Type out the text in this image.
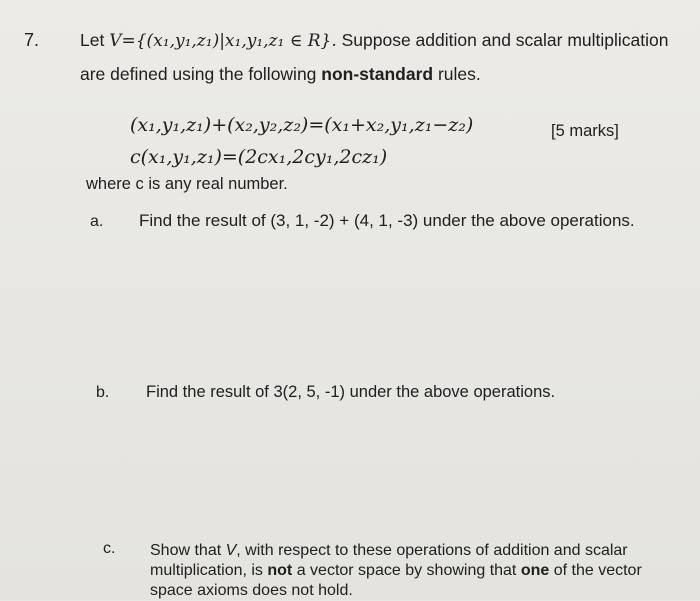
7. Let V={(x₁,y₁,z₁)|x₁,y₁,z₁ ∈ R}. Suppose addition and scalar multiplication
are defined using the following non-standard rules.
(x₁,y₁,z₁)+(x₂,y₂,z₂)=(x₁+x₂,y₁,z₁−z₂)
c(x₁,y₁,z₁)=(2cx₁,2cy₁,2cz₁)
[5 marks]
where c is any real number.
a. Find the result of (3, 1, -2) + (4, 1, -3) under the above operations.
b. Find the result of 3(2, 5, -1) under the above operations.
c. Show that V, with respect to these operations of addition and scalar multiplication, is not a vector space by showing that one of the vector space axioms does not hold.
